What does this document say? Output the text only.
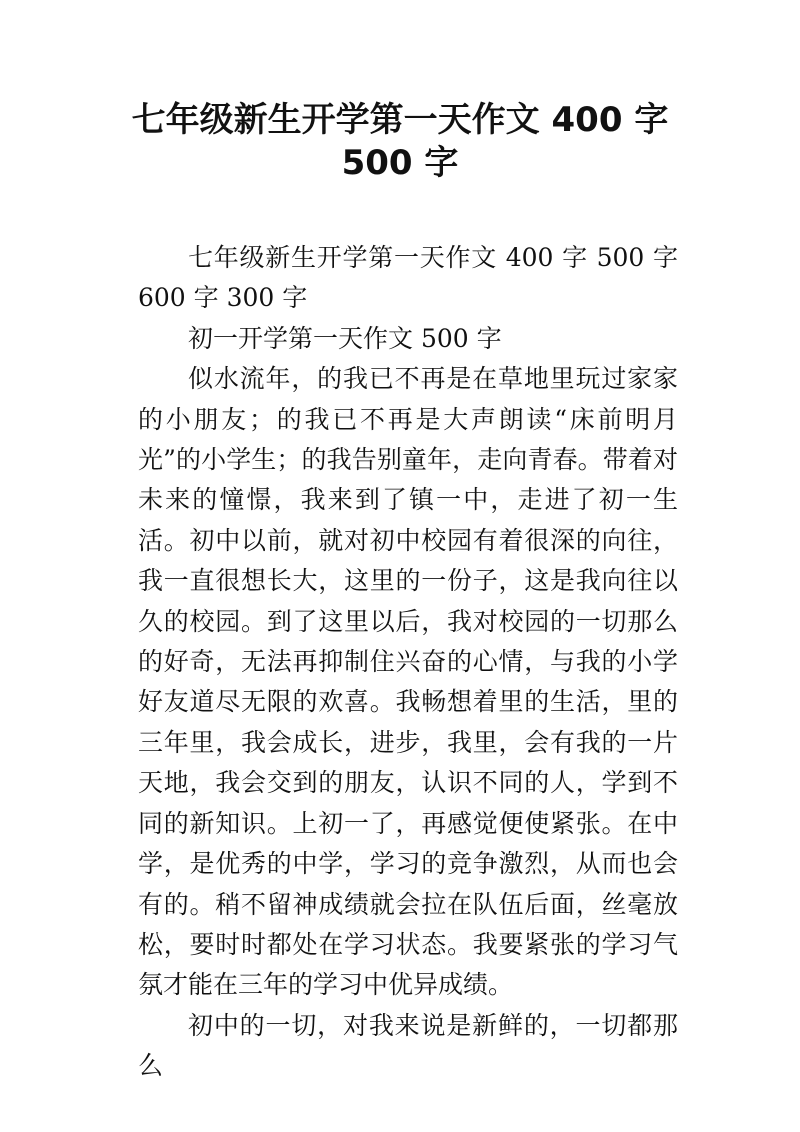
七年级新生开学第一天作文 400 字
500 字

七年级新生开学第一天作文 400 字 500 字 600 字 300 字

初一开学第一天作文 500 字

似水流年，的我已不再是在草地里玩过家家的小朋友；的我已不再是大声朗读“床前明月光”的小学生；的我告别童年，走向青春。带着对未来的憧憬，我来到了镇一中，走进了初一生活。初中以前，就对初中校园有着很深的向往，我一直很想长大，这里的一份子，这是我向往以久的校园。到了这里以后，我对校园的一切那么的好奇，无法再抑制住兴奋的心情，与我的小学好友道尽无限的欢喜。我畅想着里的生活，里的三年里，我会成长，进步，我里，会有我的一片天地，我会交到的朋友，认识不同的人，学到不同的新知识。上初一了，再感觉便使紧张。在中学，是优秀的中学，学习的竞争激烈，从而也会有的。稍不留神成绩就会拉在队伍后面，丝毫放松，要时时都处在学习状态。我要紧张的学习气氛才能在三年的学习中优异成绩。

初中的一切，对我来说是新鲜的，一切都那么
